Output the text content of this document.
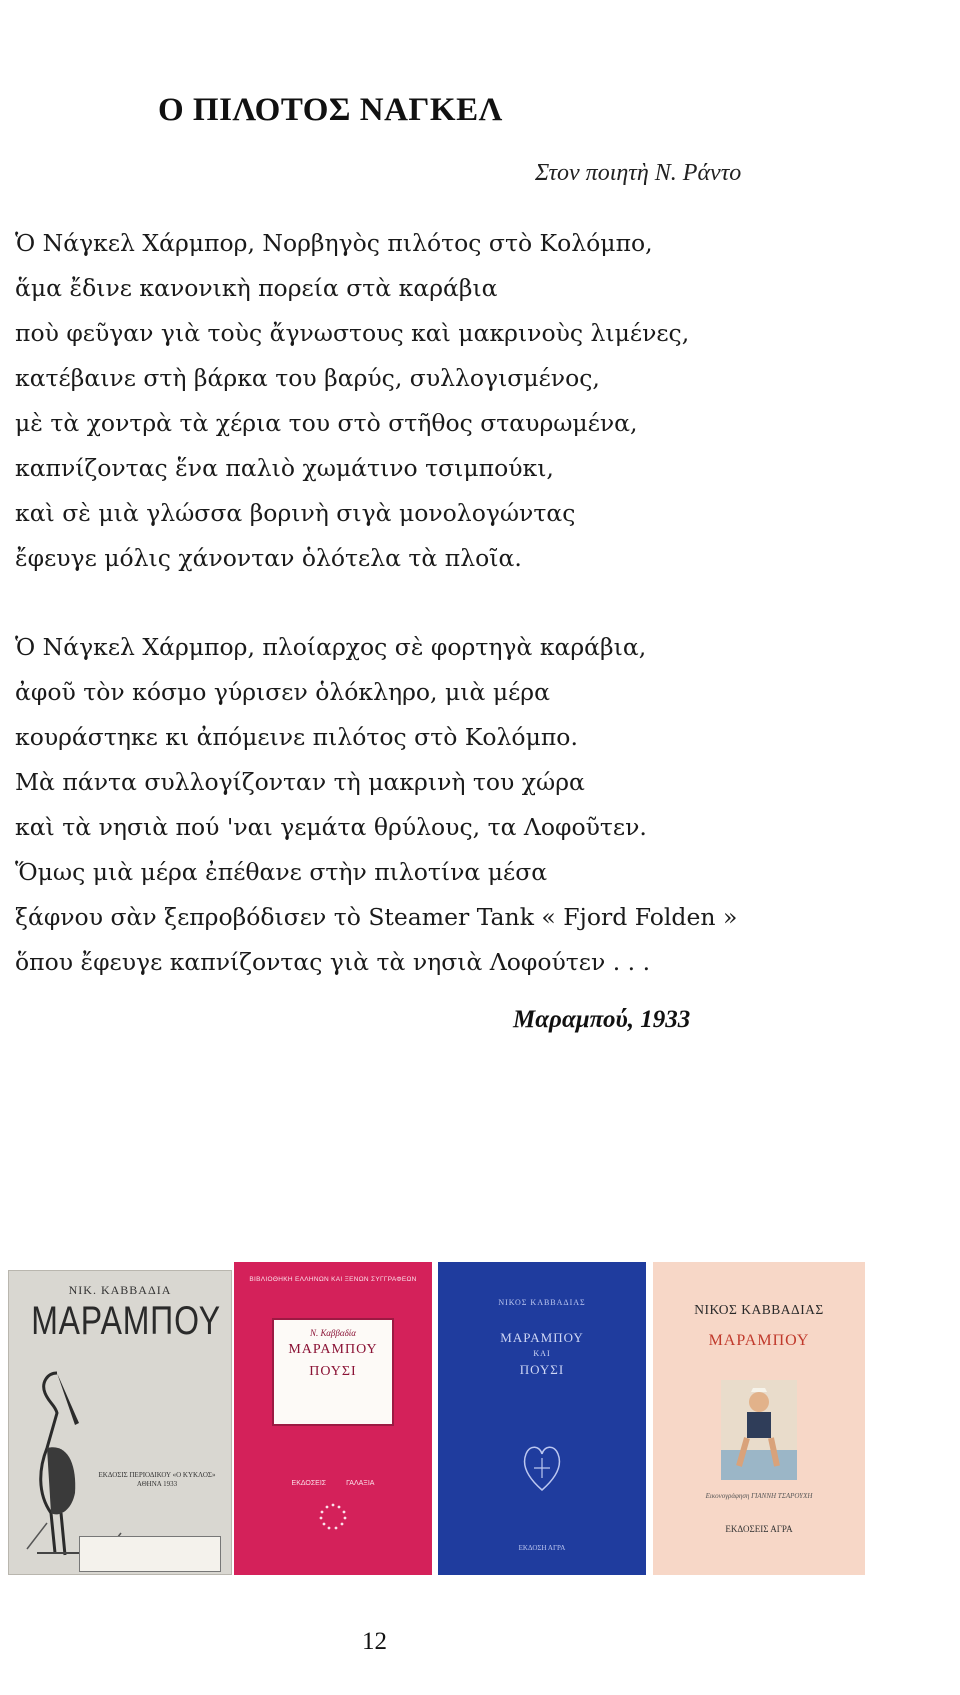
Ο ΠΙΛΟΤΟΣ ΝΑΓΚΕΛ

Στον ποιητὴ Ν. Ράντο

Ὁ Νάγκελ Χάρμπορ, Νορβηγὸς πιλότος στὸ Κολόμπο,
ἅμα ἔδινε κανονικὴ πορεία στὰ καράβια
ποὺ φεῦγαν γιὰ τοὺς ἄγνωστους καὶ μακρινοὺς λιμένες,
κατέβαινε στὴ βάρκα του βαρύς, συλλογισμένος,
μὲ τὰ χοντρὰ τὰ χέρια του στὸ στῆθος σταυρωμένα,
καπνίζοντας ἕνα παλιὸ χωμάτινο τσιμπούκι,
καὶ σὲ μιὰ γλώσσα βορινὴ σιγὰ μονολογώντας
ἔφευγε μόλις χάνονταν ὁλότελα τὰ πλοῖα.

Ὁ Νάγκελ Χάρμπορ, πλοίαρχος σὲ φορτηγὰ καράβια,
ἀφοῦ τὸν κόσμο γύρισεν ὁλόκληρο, μιὰ μέρα
κουράστηκε κι ἀπόμεινε πιλότος στὸ Κολόμπο.
Μὰ πάντα συλλογίζονταν τὴ μακρινὴ του χώρα
καὶ τὰ νησιὰ πού 'ναι γεμάτα θρύλους, τα Λοφοῦτεν.
Ὅμως μιὰ μέρα ἐπέθανε στὴν πιλοτίνα μέσα
ξάφνου σὰν ξεπροβόδισεν τὸ Steamer Tank « Fjord Folden »
ὅπου ἔφευγε καπνίζοντας γιὰ τὰ νησιὰ Λοφούτεν . . .

Μαραμπού, 1933

ΝΙΚ. ΚΑΒΒΑΔΙΑ
ΜΑΡΑΜΠΟΥ
ΕΚΔΟΣΙΣ ΠΕΡΙΟΔΙΚΟΥ «Ο ΚΥΚΛΟΣ» ΑΘΗΝΑ 1933
ΒΙΒΛΙΟΘΗΚΗ ΕΛΛΗΝΩΝ ΚΑΙ ΞΕΝΩΝ ΣΥΓΓΡΑΦΕΩΝ
Ν. Καββαδία
ΜΑΡΑΜΠΟΥ
ΠΟΥΣΙ
ΕΚΔΟΣΕΙΣ	ΓΑΛΑΞΙΑ
ΝΙΚΟΣ ΚΑΒΒΑΔΙΑΣ
ΜΑΡΑΜΠΟΥ
ΚΑΙ
ΠΟΥΣΙ
ΕΚΔΟΣΗ ΑΓΡΑ
ΝΙΚΟΣ ΚΑΒΒΑΔΙΑΣ
ΜΑΡΑΜΠΟΥ
Εικονογράφηση ΓΙΑΝΝΗ ΤΣΑΡΟΥΧΗ
ΕΚΔΟΣΕΙΣ ΑΓΡΑ

12
